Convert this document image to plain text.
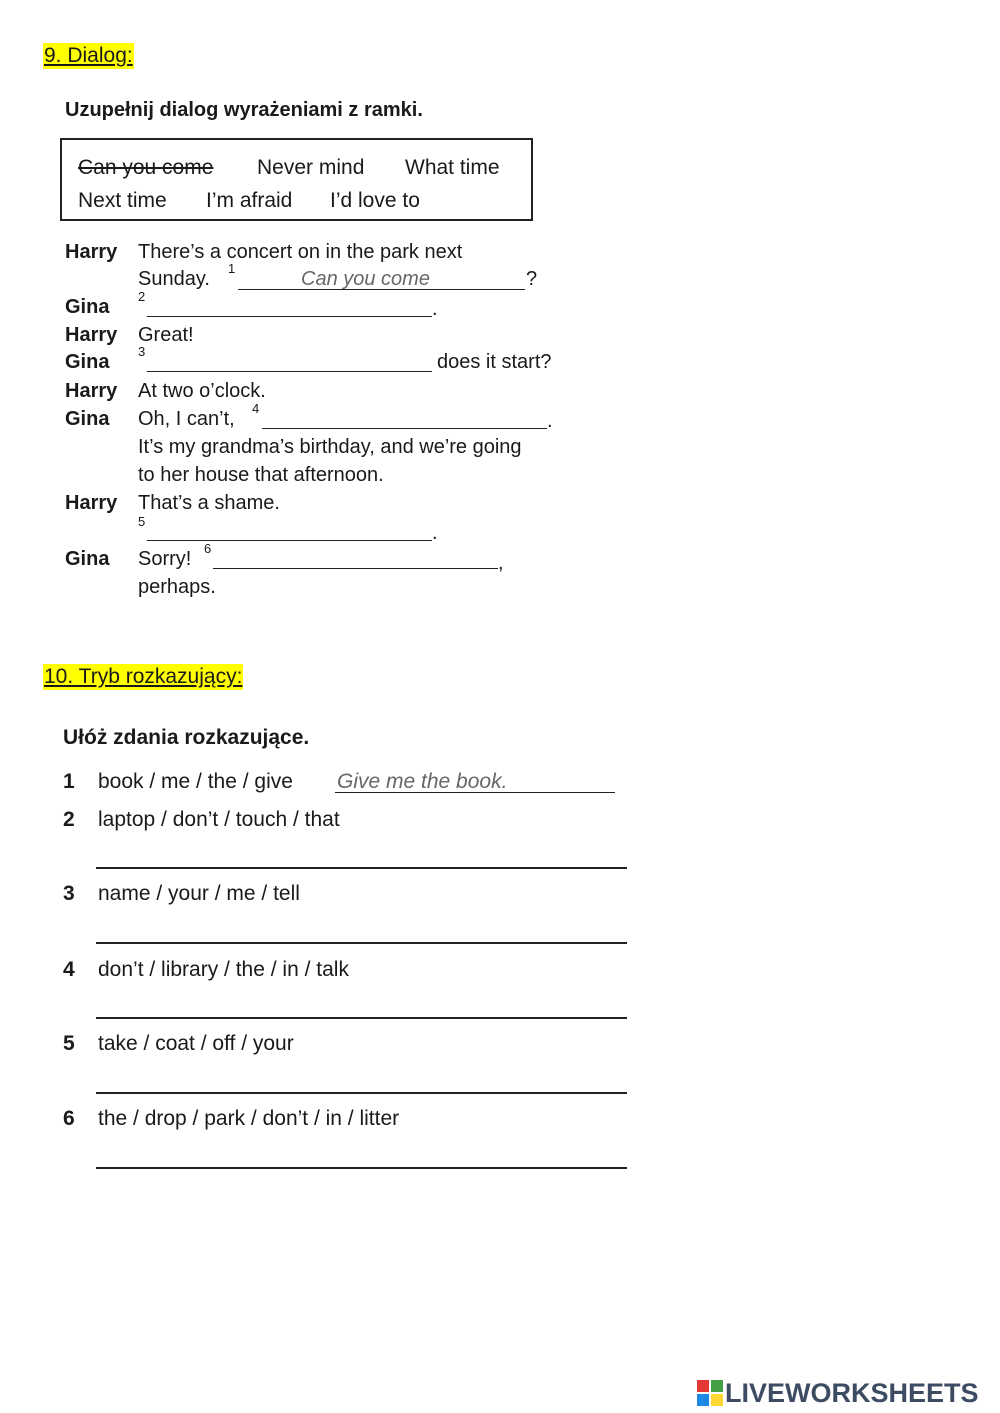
9. Dialog:
Uzupełnij dialog wyrażeniami z ramki.
Can you come Never mind What time
Next time I’m afraid I’d love to
Harry There’s a concert on in the park next
Sunday. 1	Can you come	?
Gina 2
.
Harry Great!
Gina 3	does it start?
Harry At two o’clock.
Gina Oh, I can’t, 4
.
It’s my grandma’s birthday, and we’re going
to her house that afternoon.
Harry That’s a shame.
5
.
Gina Sorry! 6
,
perhaps.
10. Tryb rozkazujący:
Ułóż zdania rozkazujące.
1 book / me / the / give Give me the book.
2 laptop / don’t / touch / that
3 name / your / me / tell
4 don’t / library / the / in / talk
5 take / coat / off / your
6 the / drop / park / don’t / in / litter
LIVEWORKSHEETS
